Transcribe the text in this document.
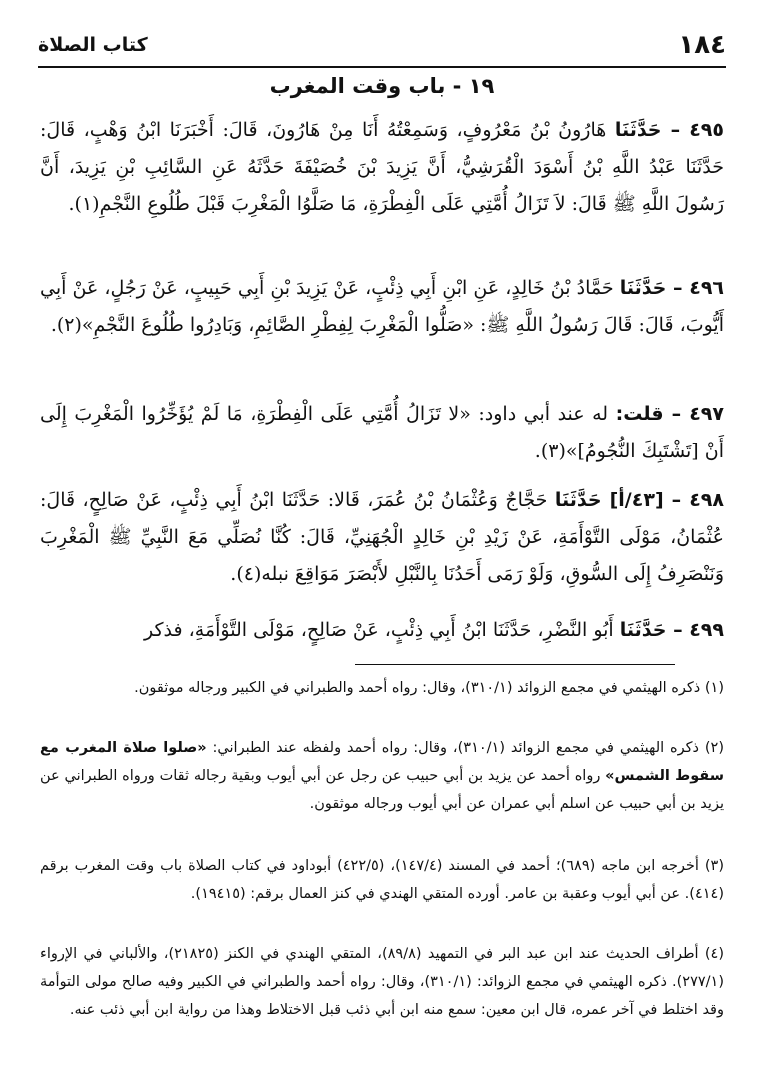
١٨٤
كتاب الصلاة
١٩ - باب وقت المغرب
٤٩٥ – حَدَّثَنَا هَارُونُ بْنُ مَعْرُوفٍ، وَسَمِعْتُهُ أَنَا مِنْ هَارُونَ، قَالَ: أَخْبَرَنَا ابْنُ وَهْبٍ، قَالَ: حَدَّثَنَا عَبْدُ اللَّهِ بْنُ أَسْوَدَ الْقُرَشِيُّ، أَنَّ يَزِيدَ بْنَ خُصَيْفَةَ حَدَّثَهُ عَنِ السَّائِبِ بْنِ يَزِيدَ، أَنَّ رَسُولَ اللَّهِ ﷺ قَالَ: لاَ تَزَالُ أُمَّتِي عَلَى الْفِطْرَةِ، مَا صَلَّوُا الْمَغْرِبَ قَبْلَ طُلُوعِ النَّجْمِ(١).
٤٩٦ – حَدَّثَنَا حَمَّادُ بْنُ خَالِدٍ، عَنِ ابْنِ أَبِي ذِئْبٍ، عَنْ يَزِيدَ بْنِ أَبِي حَبِيبٍ، عَنْ رَجُلٍ، عَنْ أَبِي أَيُّوبَ، قَالَ: قَالَ رَسُولُ اللَّهِ ﷺ: «صَلُّوا الْمَغْرِبَ لِفِطْرِ الصَّائِمِ، وَبَادِرُوا طُلُوعَ النَّجْمِ»(٢).
٤٩٧ – قلت: له عند أبي داود: «لا تَزَالُ أُمَّتِي عَلَى الْفِطْرَةِ، مَا لَمْ يُؤَخِّرُوا الْمَغْرِبَ إِلَى أَنْ [تَشْتَبِكَ النُّجُومُ]»(٣).
٤٩٨ – [٤٣/أ] حَدَّثَنَا حَجَّاجٌ وَعُثْمَانُ بْنُ عُمَرَ، قَالا: حَدَّثَنَا ابْنُ أَبِي ذِئْبٍ، عَنْ صَالِحٍ، قَالَ: عُثْمَانُ، مَوْلَى التَّوْأَمَةِ، عَنْ زَيْدِ بْنِ خَالِدٍ الْجُهَنِيِّ، قَالَ: كُنَّا نُصَلِّي مَعَ النَّبِيِّ ﷺ الْمَغْرِبَ وَنَنْصَرِفُ إِلَى السُّوقِ، وَلَوْ رَمَى أَحَدُنَا بِالنَّبْلِ لأَبْصَرَ مَوَاقِعَ نبله(٤).
٤٩٩ – حَدَّثَنَا أَبُو النَّضْرِ، حَدَّثَنَا ابْنُ أَبِي ذِئْبٍ، عَنْ صَالِحٍ، مَوْلَى التَّوْأَمَةِ، فذكر
(١) ذكره الهيثمي في مجمع الزوائد (٣١٠/١)، وقال: رواه أحمد والطبراني في الكبير ورجاله موثقون.
(٢) ذكره الهيثمي في مجمع الزوائد (٣١٠/١)، وقال: رواه أحمد ولفظه عند الطبراني: «صلوا صلاة المغرب مع سقوط الشمس» رواه أحمد عن يزيد بن أبي حبيب عن رجل عن أبي أيوب وبقية رجاله ثقات ورواه الطبراني عن يزيد بن أبي حبيب عن اسلم أبي عمران عن أبي أيوب ورجاله موثقون.
(٣) أخرجه ابن ماجه (٦٨٩)؛ أحمد في المسند (١٤٧/٤)، (٤٢٢/٥) أبوداود في كتاب الصلاة باب وقت المغرب برقم (٤١٤). عن أبي أيوب وعقبة بن عامر. أورده المتقي الهندي في كنز العمال برقم: (١٩٤١٥).
(٤) أطراف الحديث عند ابن عبد البر في التمهيد (٨٩/٨)، المتقي الهندي في الكنز (٢١٨٢٥)، والألباني في الإرواء (٢٧٧/١). ذكره الهيثمي في مجمع الزوائد: (٣١٠/١)، وقال: رواه أحمد والطبراني في الكبير وفيه صالح مولى التوأمة وقد اختلط في آخر عمره، قال ابن معين: سمع منه ابن أبي ذئب قبل الاختلاط وهذا من رواية ابن أبي ذئب عنه.
